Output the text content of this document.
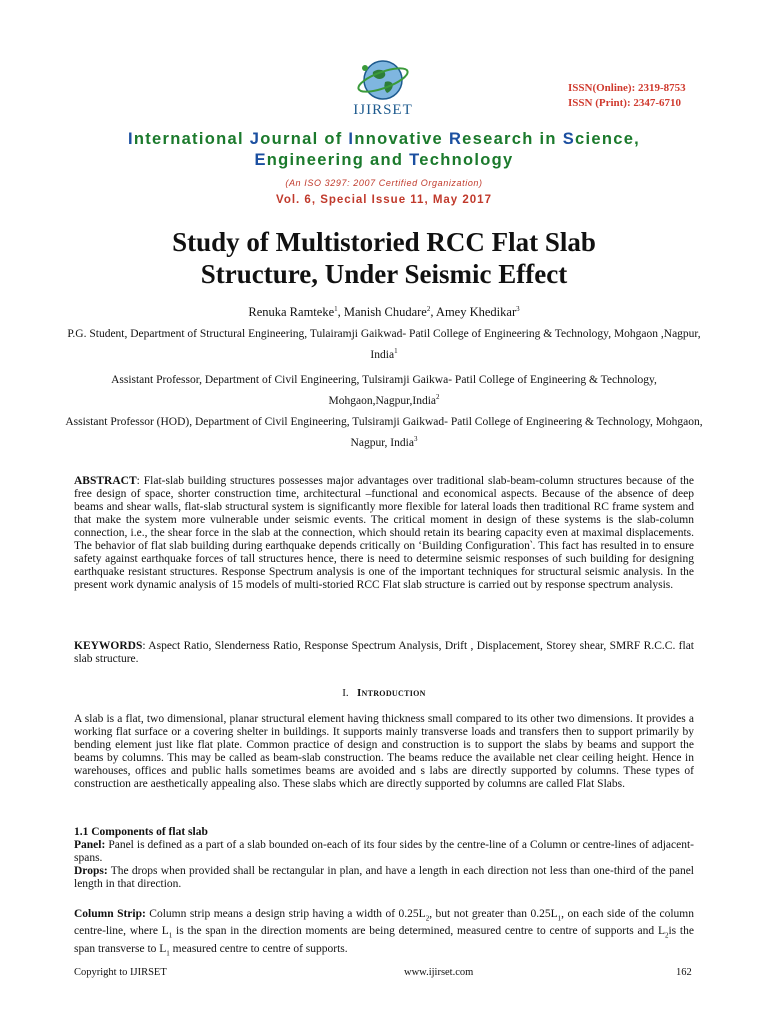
IJIRSET
ISSN(Online): 2319-8753
ISSN (Print): 2347-6710
International Journal of Innovative Research in Science,
Engineering and Technology
(An ISO 3297: 2007 Certified Organization)
Vol. 6, Special Issue 11, May 2017
Study of Multistoried RCC Flat Slab
Structure, Under Seismic Effect
Renuka Ramteke$^1$, Manish Chudare$^2$, Amey Khedikar$^3$
P.G. Student, Department of Structural Engineering, Tulairamji Gaikwad- Patil College of Engineering & Technology, Mohgaon ,Nagpur, India$^1$
Assistant Professor, Department of Civil Engineering, Tulsiramji Gaikwa- Patil College of Engineering & Technology, Mohgaon,Nagpur,India$^2$
Assistant Professor (HOD), Department of Civil Engineering, Tulsiramji Gaikwad- Patil College of Engineering & Technology, Mohgaon, Nagpur, India$^3$
ABSTRACT: Flat-slab building structures possesses major advantages over traditional slab-beam-column structures because of the free design of space, shorter construction time, architectural –functional and economical aspects. Because of the absence of deep beams and shear walls, flat-slab structural system is significantly more flexible for lateral loads then traditional RC frame system and that make the system more vulnerable under seismic events. The critical moment in design of these systems is the slab-column connection, i.e., the shear force in the slab at the connection, which should retain its bearing capacity even at maximal displacements. The behavior of flat slab building during earthquake depends critically on ‘Building Configuration‵. This fact has resulted in to ensure safety against earthquake forces of tall structures hence, there is need to determine seismic responses of such building for designing earthquake resistant structures. Response Spectrum analysis is one of the important techniques for structural seismic analysis. In the present work dynamic analysis of 15 models of multi-storied RCC Flat slab structure is carried out by response spectrum analysis.
KEYWORDS: Aspect Ratio, Slenderness Ratio, Response Spectrum Analysis, Drift , Displacement, Storey shear, SMRF R.C.C. flat slab structure.
I. Introduction
A slab is a flat, two dimensional, planar structural element having thickness small compared to its other two dimensions. It provides a working flat surface or a covering shelter in buildings. It supports mainly transverse loads and transfers then to support primarily by bending element just like flat plate. Common practice of design and construction is to support the slabs by beams and support the beams by columns. This may be called as beam-slab construction. The beams reduce the available net clear ceiling height. Hence in warehouses, offices and public halls sometimes beams are avoided and s labs are directly supported by columns. These types of construction are aesthetically appealing also. These slabs which are directly supported by columns are called Flat Slabs.

1.1 Components of flat slab

Panel: Panel is defined as a part of a slab bounded on-each of its four sides by the centre-line of a Column or centre-lines of adjacent-spans.

Drops: The drops when provided shall be rectangular in plan, and have a length in each direction not less than one-third of the panel length in that direction.

Column Strip: Column strip means a design strip having a width of $0.25L_2$, but not greater than $0.25L_1$, on each side of the column centre-line, where $L_1$ is the span in the direction moments are being determined, measured centre to centre of supports and $L_2is$ the span transverse to $L_1$ measured centre to centre of supports.
Copyright to IJIRSET	www.ijirset.com	162
